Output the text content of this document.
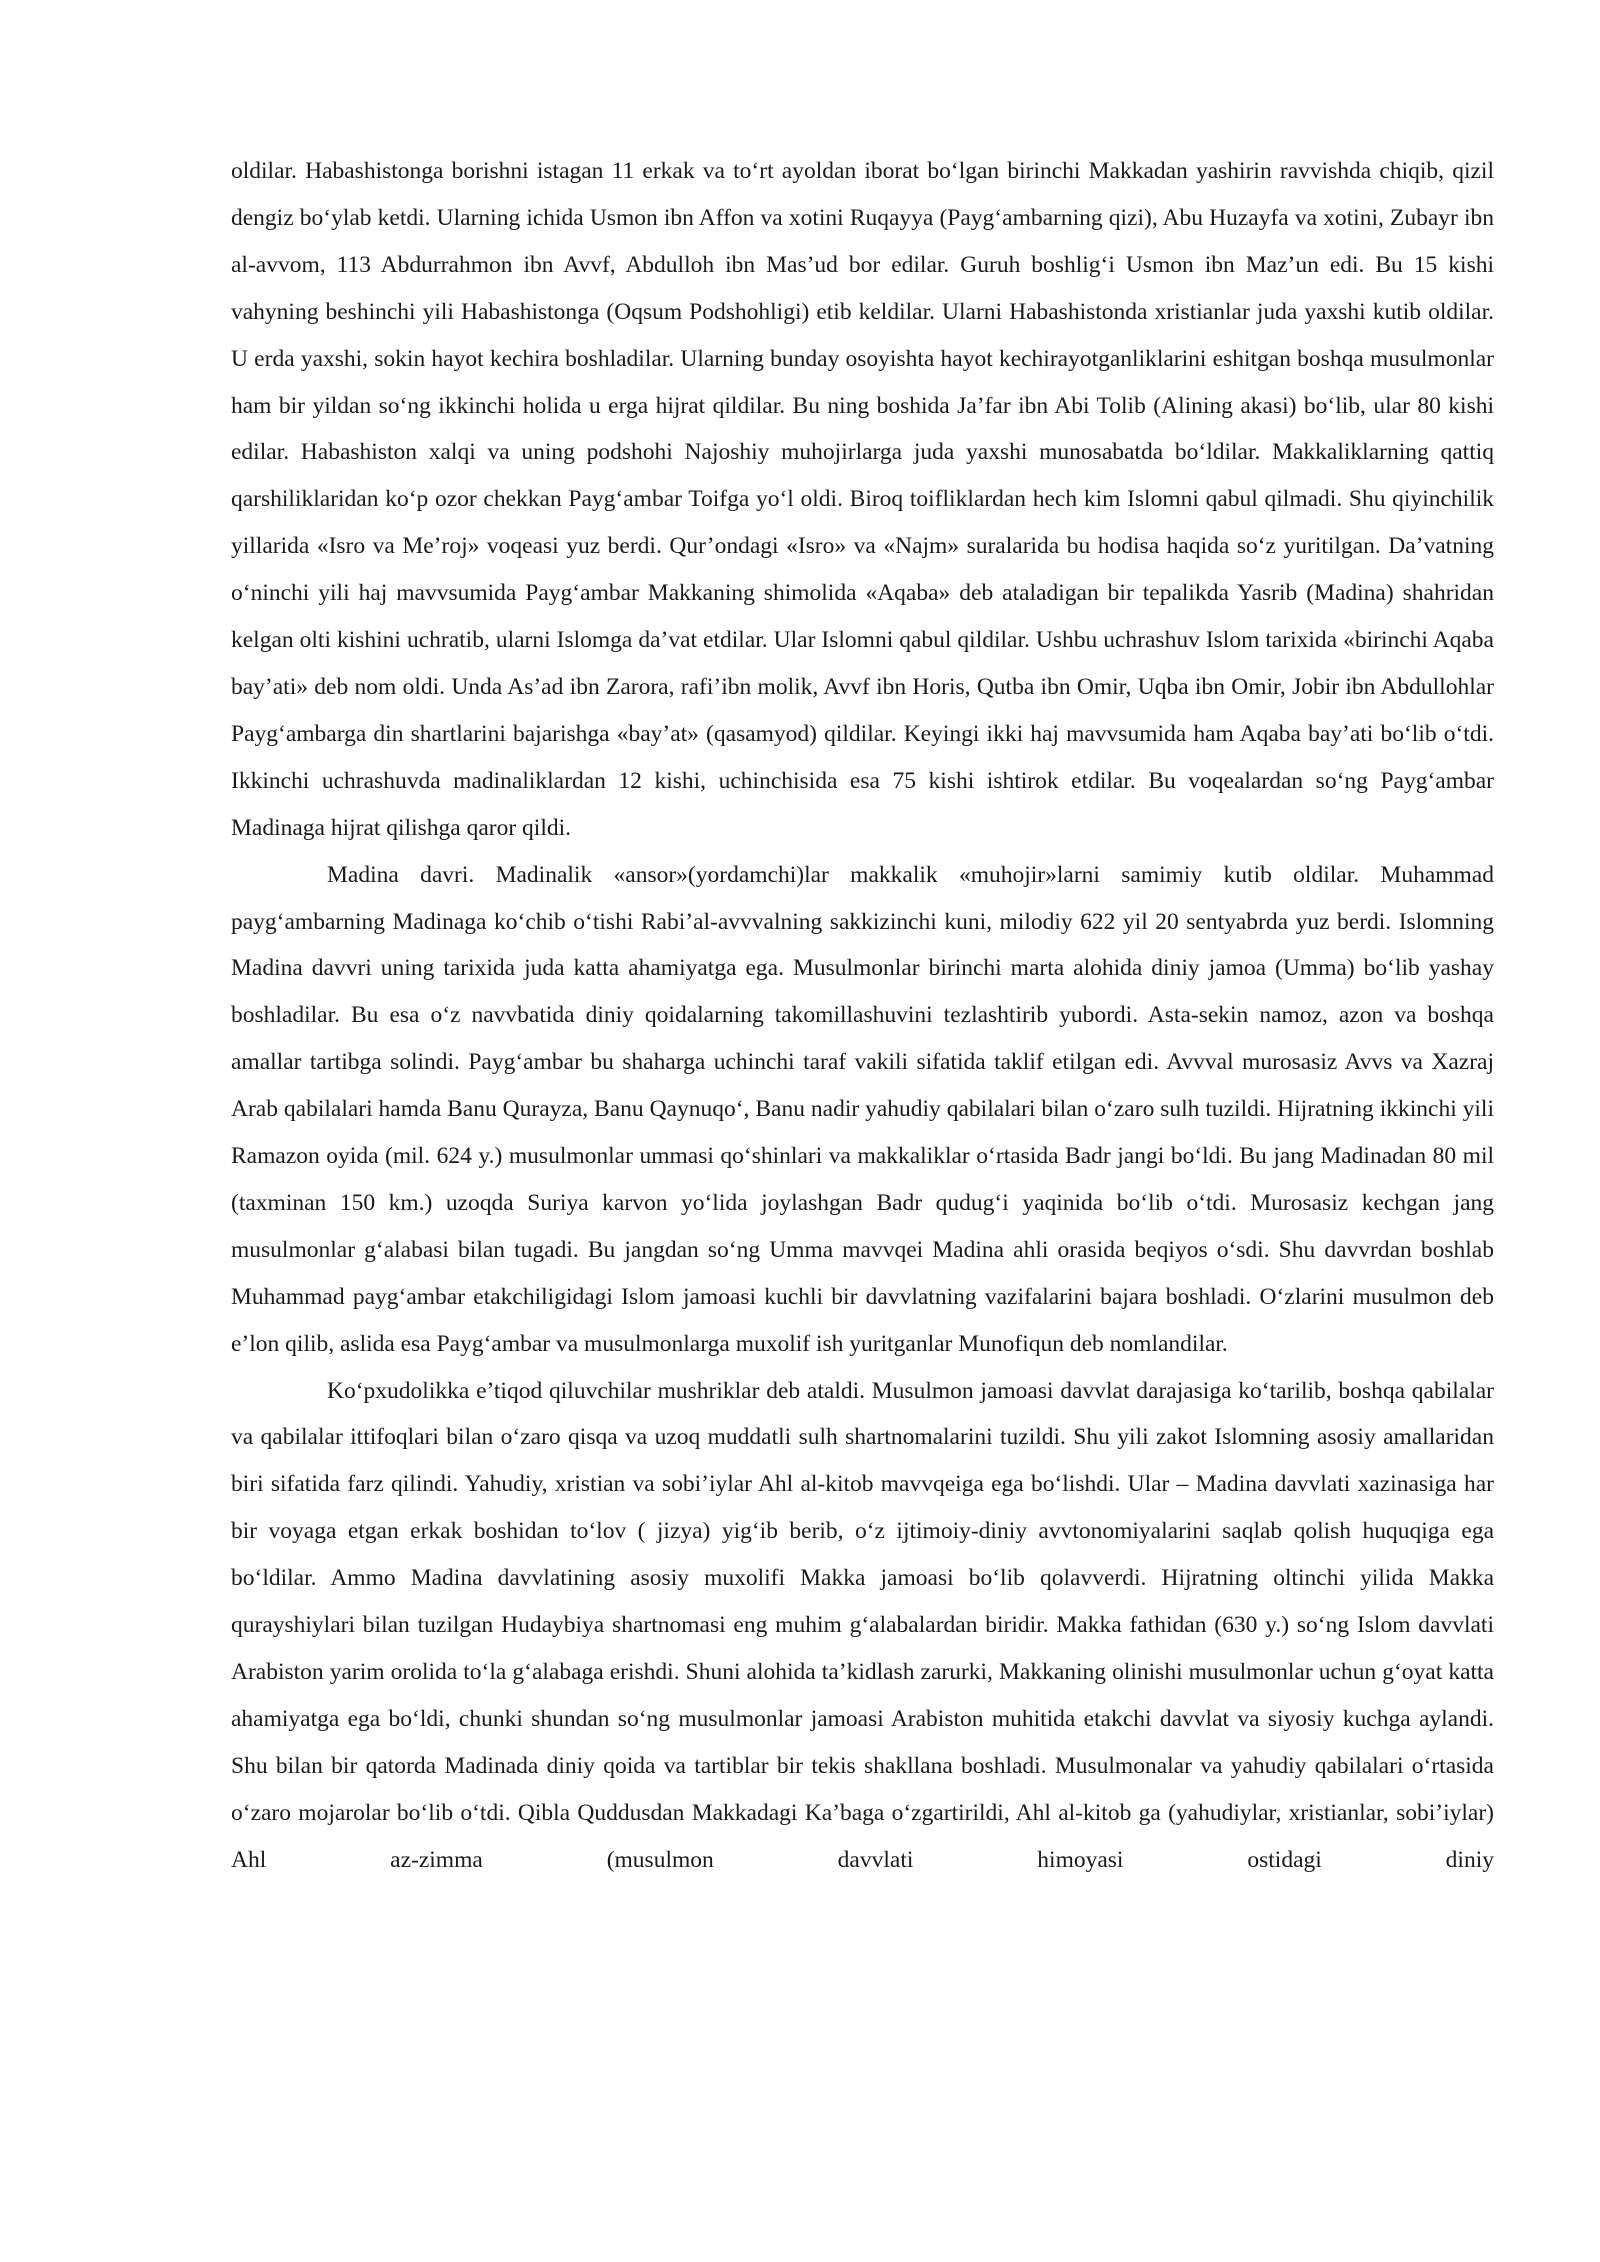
oldilar. Habashistonga borishni istagan 11 erkak va to‘rt ayoldan iborat bo‘lgan birinchi Makkadan yashirin ravvishda chiqib, qizil dengiz bo‘ylab ketdi. Ularning ichida Usmon ibn Affon va xotini Ruqayya (Payg‘ambarning qizi), Abu Huzayfa va xotini, Zubayr ibn al-avvom, 113 Abdurrahmon ibn Avvf, Abdulloh ibn Mas’ud bor edilar. Guruh boshlig‘i Usmon ibn Maz’un edi. Bu 15 kishi vahyning beshinchi yili Habashistonga (Oqsum Podshohligi) etib keldilar. Ularni Habashistonda xristianlar juda yaxshi kutib oldilar. U erda yaxshi, sokin hayot kechira boshladilar. Ularning bunday osoyishta hayot kechirayotganliklarini eshitgan boshqa musulmonlar ham bir yildan so‘ng ikkinchi holida u erga hijrat qildilar. Bu ning boshida Ja’far ibn Abi Tolib (Alining akasi) bo‘lib, ular 80 kishi edilar. Habashiston xalqi va uning podshohi Najoshiy muhojirlarga juda yaxshi munosabatda bo‘ldilar. Makkaliklarning qattiq qarshiliklaridan ko‘p ozor chekkan Payg‘ambar Toifga yo‘l oldi. Biroq toifliklardan hech kim Islomni qabul qilmadi. Shu qiyinchilik yillarida «Isro va Me’roj» voqeasi yuz berdi. Qur’ondagi «Isro» va «Najm» suralarida bu hodisa haqida so‘z yuritilgan. Da’vatning o‘ninchi yili haj mavvsumida Payg‘ambar Makkaning shimolida «Aqaba» deb ataladigan bir tepalikda Yasrib (Madina) shahridan kelgan olti kishini uchratib, ularni Islomga da’vat etdilar. Ular Islomni qabul qildilar. Ushbu uchrashuv Islom tarixida «birinchi Aqaba bay’ati» deb nom oldi. Unda As’ad ibn Zarora, rafi’ibn molik, Avvf ibn Horis, Qutba ibn Omir, Uqba ibn Omir, Jobir ibn Abdullohlar Payg‘ambarga din shartlarini bajarishga «bay’at» (qasamyod) qildilar. Keyingi ikki haj mavvsumida ham Aqaba bay’ati bo‘lib o‘tdi. Ikkinchi uchrashuvda madinaliklardan 12 kishi, uchinchisida esa 75 kishi ishtirok etdilar. Bu voqealardan so‘ng Payg‘ambar Madinaga hijrat qilishga qaror qildi.

Madina davri. Madinalik «ansor»(yordamchi)lar makkalik «muhojir»larni samimiy kutib oldilar. Muhammad payg‘ambarning Madinaga ko‘chib o‘tishi Rabi’al-avvvalning sakkizinchi kuni, milodiy 622 yil 20 sentyabrda yuz berdi. Islomning Madina davvri uning tarixida juda katta ahamiyatga ega. Musulmonlar birinchi marta alohida diniy jamoa (Umma) bo‘lib yashay boshladilar. Bu esa o‘z navvbatida diniy qoidalarning takomillashuvini tezlashtirib yubordi. Asta-sekin namoz, azon va boshqa amallar tartibga solindi. Payg‘ambar bu shaharga uchinchi taraf vakili sifatida taklif etilgan edi. Avvval murosasiz Avvs va Xazraj Arab qabilalari hamda Banu Qurayza, Banu Qaynuqo‘, Banu nadir yahudiy qabilalari bilan o‘zaro sulh tuzildi. Hijratning ikkinchi yili Ramazon oyida (mil. 624 y.) musulmonlar ummasi qo‘shinlari va makkaliklar o‘rtasida Badr jangi bo‘ldi. Bu jang Madinadan 80 mil (taxminan 150 km.) uzoqda Suriya karvon yo‘lida joylashgan Badr qudug‘i yaqinida bo‘lib o‘tdi. Murosasiz kechgan jang musulmonlar g‘alabasi bilan tugadi. Bu jangdan so‘ng Umma mavvqei Madina ahli orasida beqiyos o‘sdi. Shu davvrdan boshlab Muhammad payg‘ambar etakchiligidagi Islom jamoasi kuchli bir davvlatning vazifalarini bajara boshladi. O‘zlarini musulmon deb e’lon qilib, aslida esa Payg‘ambar va musulmonlarga muxolif ish yuritganlar Munofiqun deb nomlandilar.

Ko‘pxudolikka e’tiqod qiluvchilar mushriklar deb ataldi. Musulmon jamoasi davvlat darajasiga ko‘tarilib, boshqa qabilalar va qabilalar ittifoqlari bilan o‘zaro qisqa va uzoq muddatli sulh shartnomalarini tuzildi. Shu yili zakot Islomning asosiy amallaridan biri sifatida farz qilindi. Yahudiy, xristian va sobi’iylar Ahl al-kitob mavvqeiga ega bo‘lishdi. Ular – Madina davvlati xazinasiga har bir voyaga etgan erkak boshidan to‘lov ( jizya) yig‘ib berib, o‘z ijtimoiy-diniy avvtonomiyalarini saqlab qolish huquqiga ega bo‘ldilar. Ammo Madina davvlatining asosiy muxolifi Makka jamoasi bo‘lib qolavverdi. Hijratning oltinchi yilida Makka qurayshiylari bilan tuzilgan Hudaybiya shartnomasi eng muhim g‘alabalardan biridir. Makka fathidan (630 y.) so‘ng Islom davvlati Arabiston yarim orolida to‘la g‘alabaga erishdi. Shuni alohida ta’kidlash zarurki, Makkaning olinishi musulmonlar uchun g‘oyat katta ahamiyatga ega bo‘ldi, chunki shundan so‘ng musulmonlar jamoasi Arabiston muhitida etakchi davvlat va siyosiy kuchga aylandi. Shu bilan bir qatorda Madinada diniy qoida va tartiblar bir tekis shakllana boshladi. Musulmonalar va yahudiy qabilalari o‘rtasida o‘zaro mojarolar bo‘lib o‘tdi. Qibla Quddusdan Makkadagi Ka’baga o‘zgartirildi, Ahl al-kitob ga (yahudiylar, xristianlar, sobi’iylar) Ahl az-zimma (musulmon davvlati himoyasi ostidagi diniy
